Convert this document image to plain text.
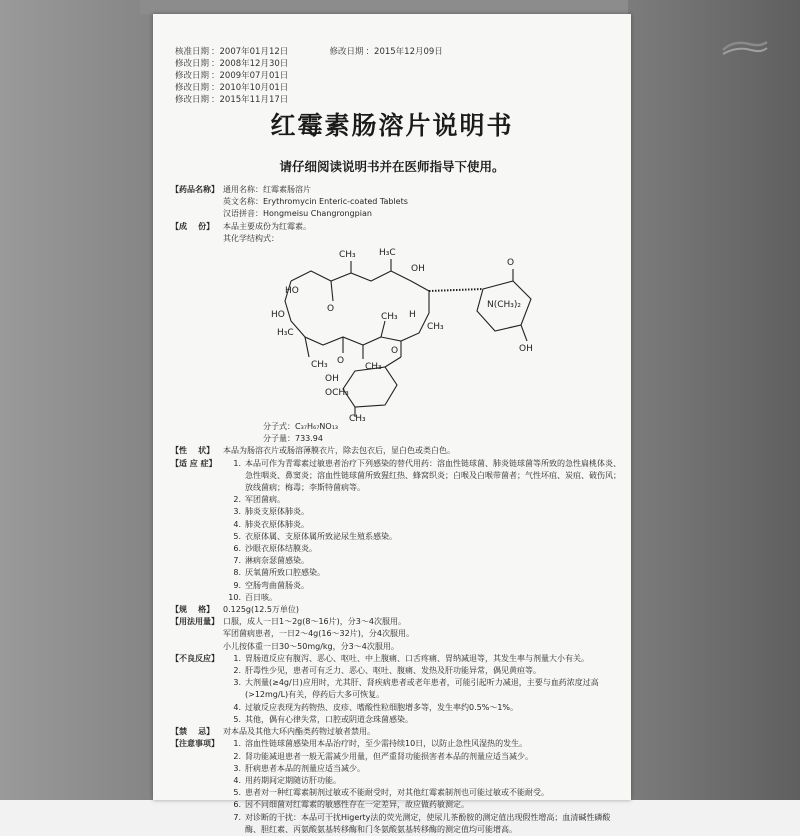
核准日期 ： 2007年01月12日	修改日期 ： 2015年12月09日
修改日期 ： 2008年12月30日
修改日期 ： 2009年07月01日
修改日期 ： 2010年10月01日
修改日期 ： 2015年11月17日
红霉素肠溶片说明书
请仔细阅读说明书并在医师指导下使用。
【药品名称】 通用名称：红霉素肠溶片
英文名称：Erythromycin Enteric-coated Tablets
汉语拼音：Hongmeisu Changrongpian
【成    份】	本品主要成份为红霉素。
其化学结构式：
HO
HO
H₃C
O
O
CH₃	H₃C
OH
CH₃
CH₃	CH₃
H
CH₃
O
N(CH₃)₂
OH
O
OH
OCH₃
CH₃
分子式：C₃₇H₆₇NO₁₃
分子量：733.94
【性    状】	本品为肠溶衣片或肠溶薄膜衣片，除去包衣后，显白色或类白色。
【适 应 症】	1. 本品可作为青霉素过敏患者治疗下列感染的替代用药：溶血性链球菌、肺炎链球菌等所致的急性扁桃体炎、急性咽炎、鼻窦炎；溶血性链球菌所致猩红热、蜂窝织炎；白喉及白喉带菌者；气性坏疽、炭疽、破伤风；放线菌病；梅毒；李斯特菌病等。
2. 军团菌病。
3. 肺炎支原体肺炎。
4. 肺炎衣原体肺炎。
5. 衣原体属、支原体属所致泌尿生殖系感染。
6. 沙眼衣原体结膜炎。
7. 淋病奈瑟菌感染。
8. 厌氧菌所致口腔感染。
9. 空肠弯曲菌肠炎。
10. 百日咳。
【规    格】	0.125g(12.5万单位)
【用法用量】 口服，成人一日1～2g(8～16片)，分3～4次服用。
军团菌病患者，一日2～4g(16～32片)，分4次服用。
小儿按体重一日30～50mg/kg，分3～4次服用。
【不良反应】	1. 胃肠道反应有腹泻、恶心、呕吐、中上腹痛、口舌疼痛、胃纳减退等，其发生率与剂量大小有关。
2. 肝毒性少见，患者可有乏力、恶心、呕吐、腹痛、发热及肝功能异常，偶见黄疸等。
3. 大剂量(≥4g/日)应用时，尤其肝、肾疾病患者或老年患者，可能引起听力减退，主要与血药浓度过高(>12mg/L)有关，停药后大多可恢复。
4. 过敏反应表现为药物热、皮疹、嗜酸性粒细胞增多等，发生率约0.5%～1%。
5. 其他，偶有心律失常，口腔或阴道念珠菌感染。
【禁    忌】	对本品及其他大环内酯类药物过敏者禁用。
【注意事项】	1. 溶血性链球菌感染用本品治疗时，至少需持续10日，以防止急性风湿热的发生。
2. 肾功能减退患者一般无需减少用量，但严重肾功能损害者本品的剂量应适当减少。
3. 肝病患者本品的剂量应适当减少。
4. 用药期间定期随访肝功能。
5. 患者对一种红霉素制剂过敏或不能耐受时，对其他红霉素制剂也可能过敏或不能耐受。
6. 因不同细菌对红霉素的敏感性存在一定差异，故应做药敏测定。
7. 对诊断的干扰：本品可干扰Higerty法的荧光测定，使尿儿茶酚胺的测定值出现假性增高；血清碱性磷酸酶、胆红素、丙氨酸氨基转移酶和门冬氨酸氨基转移酶的测定值均可能增高。
